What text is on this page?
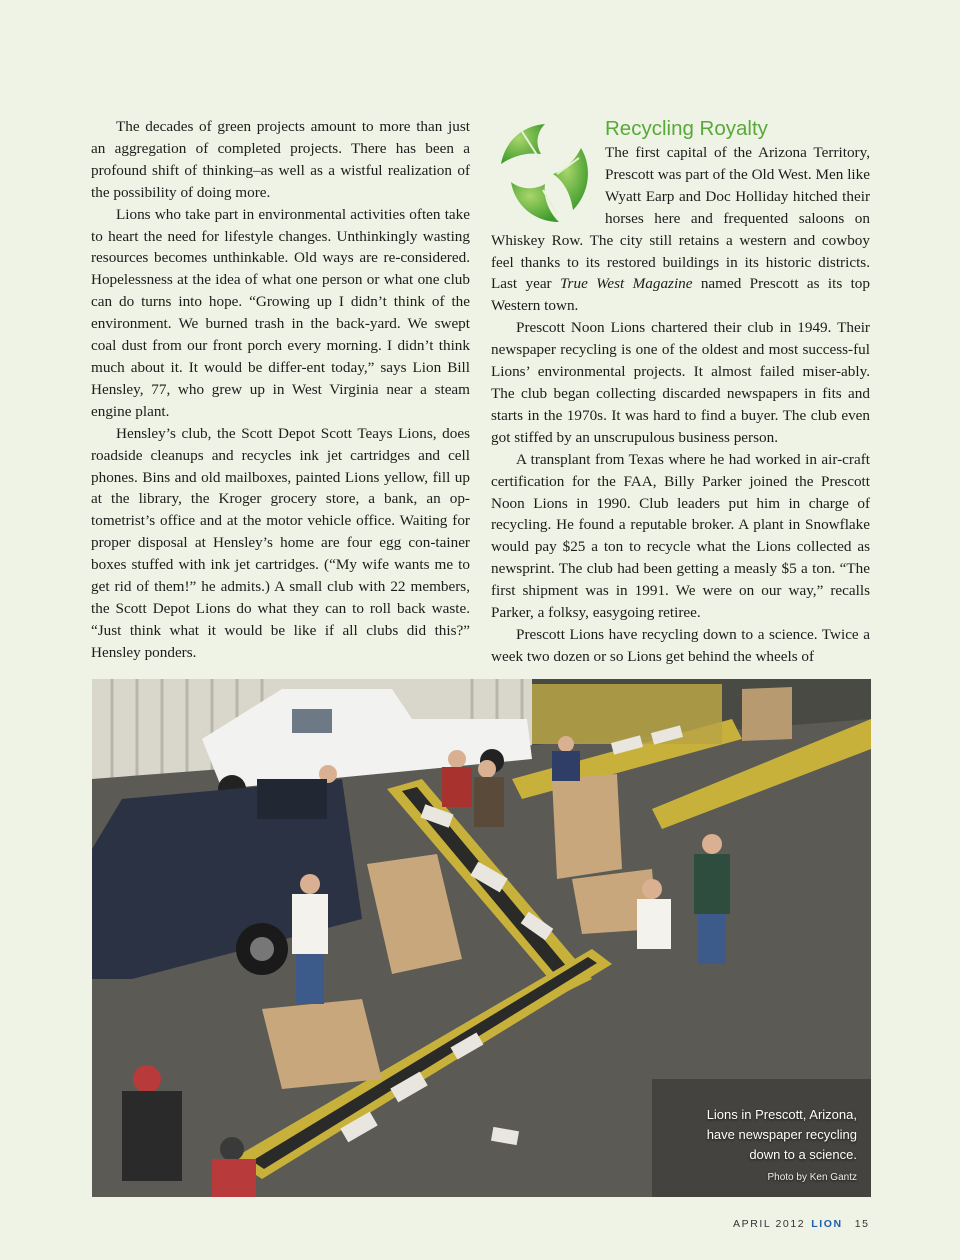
The decades of green projects amount to more than just an aggregation of completed projects. There has been a profound shift of thinking–as well as a wistful realization of the possibility of doing more.

Lions who take part in environmental activities often take to heart the need for lifestyle changes. Unthinkingly wasting resources becomes unthinkable. Old ways are re-considered. Hopelessness at the idea of what one person or what one club can do turns into hope. “Growing up I didn’t think of the environment. We burned trash in the back-yard. We swept coal dust from our front porch every morning. I didn’t think much about it. It would be differ-ent today,” says Lion Bill Hensley, 77, who grew up in West Virginia near a steam engine plant.

Hensley’s club, the Scott Depot Scott Teays Lions, does roadside cleanups and recycles ink jet cartridges and cell phones. Bins and old mailboxes, painted Lions yellow, fill up at the library, the Kroger grocery store, a bank, an op-tometrist’s office and at the motor vehicle office. Waiting for proper disposal at Hensley’s home are four egg con-tainer boxes stuffed with ink jet cartridges. (“My wife wants me to get rid of them!” he admits.) A small club with 22 members, the Scott Depot Lions do what they can to roll back waste. “Just think what it would be like if all clubs did this?” Hensley ponders.

Recycling Royalty

The first capital of the Arizona Territory, Prescott was part of the Old West. Men like Wyatt Earp and Doc Holliday hitched their horses here and frequented saloons on Whiskey Row. The city still retains a western and cowboy feel thanks to its restored buildings in its historic districts. Last year True West Magazine named Prescott as its top Western town.

Prescott Noon Lions chartered their club in 1949. Their newspaper recycling is one of the oldest and most success-ful Lions’ environmental projects. It almost failed miser-ably. The club began collecting discarded newspapers in fits and starts in the 1970s. It was hard to find a buyer. The club even got stiffed by an unscrupulous business person.

A transplant from Texas where he had worked in air-craft certification for the FAA, Billy Parker joined the Prescott Noon Lions in 1990. Club leaders put him in charge of recycling. He found a reputable broker. A plant in Snowflake would pay $25 a ton to recycle what the Lions collected as newsprint. The club had been getting a measly $5 a ton. “The first shipment was in 1991. We were on our way,” recalls Parker, a folksy, easygoing retiree.

Prescott Lions have recycling down to a science. Twice a week two dozen or so Lions get behind the wheels of

Lions in Prescott, Arizona,
have newspaper recycling
down to a science.
Photo by Ken Gantz
APRIL 2012 LION 15
